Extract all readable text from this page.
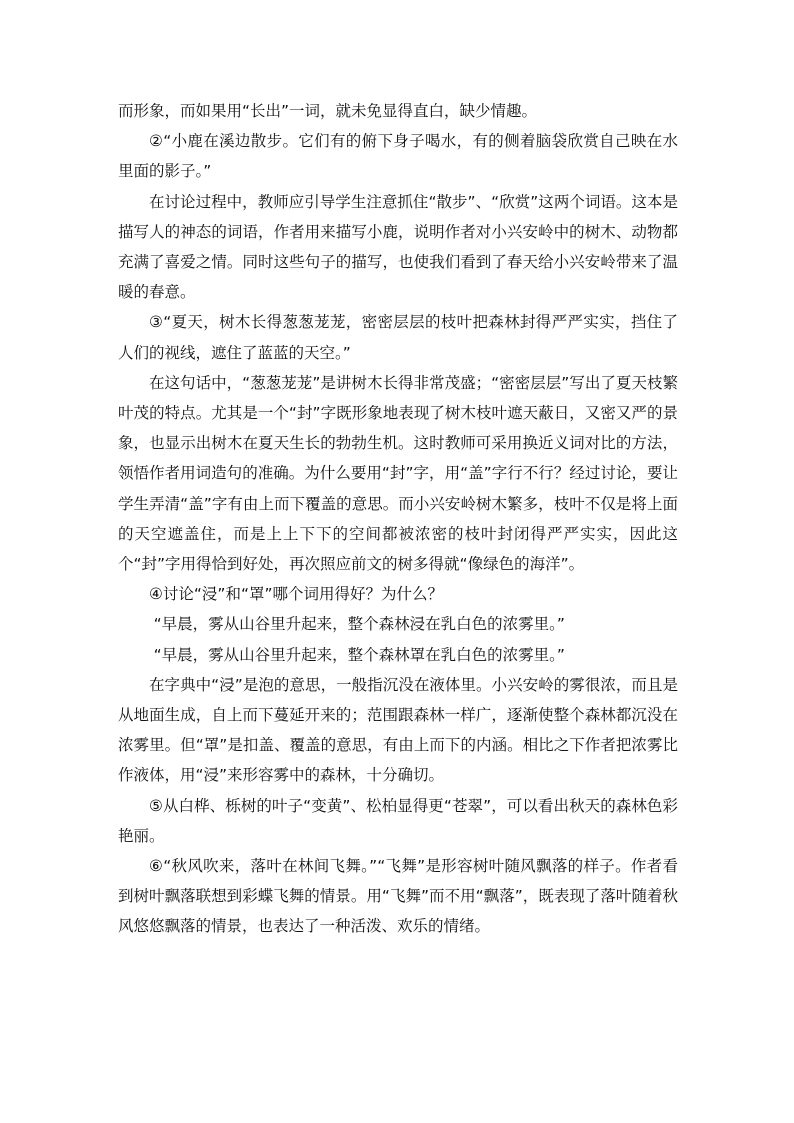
而形象，而如果用“长出”一词，就未免显得直白，缺少情趣。

②“小鹿在溪边散步。它们有的俯下身子喝水，有的侧着脑袋欣赏自己映在水里面的影子。”

在讨论过程中，教师应引导学生注意抓住“散步”、“欣赏”这两个词语。这本是描写人的神态的词语，作者用来描写小鹿，说明作者对小兴安岭中的树木、动物都充满了喜爱之情。同时这些句子的描写，也使我们看到了春天给小兴安岭带来了温暖的春意。

③“夏天，树木长得葱葱茏茏，密密层层的枝叶把森林封得严严实实，挡住了人们的视线，遮住了蓝蓝的天空。”

在这句话中，“葱葱茏茏”是讲树木长得非常茂盛；“密密层层”写出了夏天枝繁叶茂的特点。尤其是一个“封”字既形象地表现了树木枝叶遮天蔽日，又密又严的景象，也显示出树木在夏天生长的勃勃生机。这时教师可采用换近义词对比的方法，领悟作者用词造句的准确。为什么要用“封”字，用“盖”字行不行？经过讨论，要让学生弄清“盖”字有由上而下覆盖的意思。而小兴安岭树木繁多，枝叶不仅是将上面的天空遮盖住，而是上上下下的空间都被浓密的枝叶封闭得严严实实，因此这个“封”字用得恰到好处，再次照应前文的树多得就“像绿色的海洋”。

④讨论“浸”和“罩”哪个词用得好？为什么？

“早晨，雾从山谷里升起来，整个森林浸在乳白色的浓雾里。”

“早晨，雾从山谷里升起来，整个森林罩在乳白色的浓雾里。”

在字典中“浸”是泡的意思，一般指沉没在液体里。小兴安岭的雾很浓，而且是从地面生成，自上而下蔓延开来的；范围跟森林一样广，逐渐使整个森林都沉没在浓雾里。但“罩”是扣盖、覆盖的意思，有由上而下的内涵。相比之下作者把浓雾比作液体，用“浸”来形容雾中的森林，十分确切。

⑤从白桦、栎树的叶子“变黄”、松柏显得更“苍翠”，可以看出秋天的森林色彩艳丽。

⑥“秋风吹来，落叶在林间飞舞。”“飞舞”是形容树叶随风飘落的样子。作者看到树叶飘落联想到彩蝶飞舞的情景。用“飞舞”而不用“飘落”，既表现了落叶随着秋风悠悠飘落的情景，也表达了一种活泼、欢乐的情绪。
